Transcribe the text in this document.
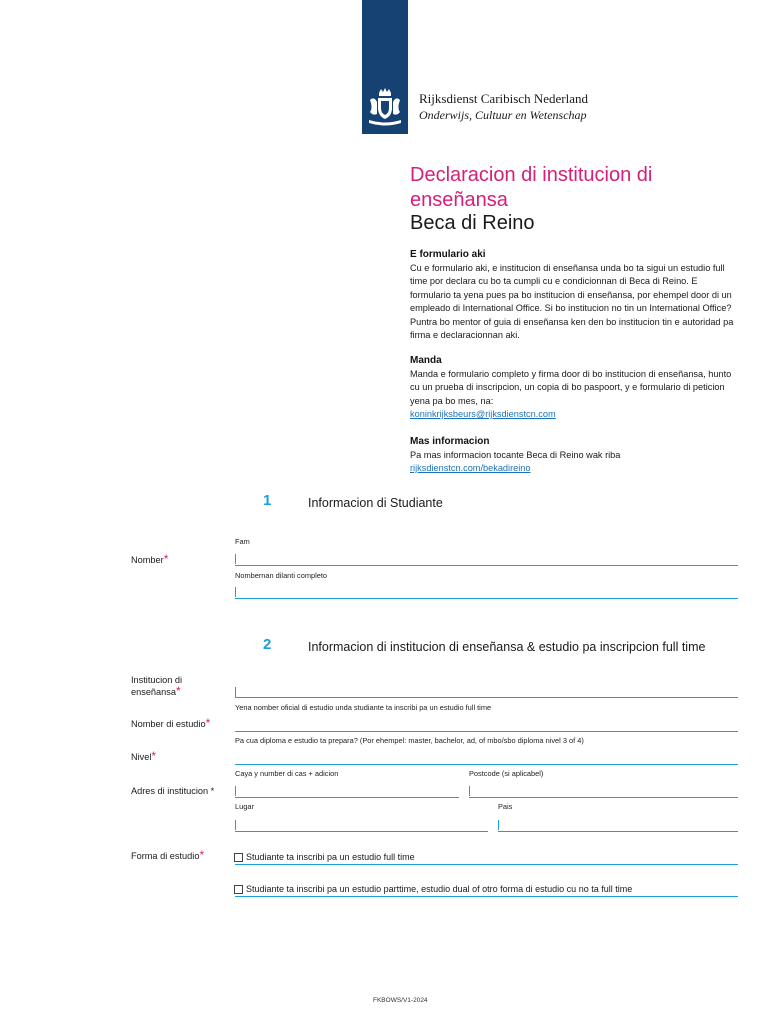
Rijksdienst Caribisch Nederland
Onderwijs, Cultuur en Wetenschap
Declaracion di institucion di enseñansa
Beca di Reino
E formulario aki
Cu e formulario aki, e institucion di enseñansa unda bo ta sigui un estudio full time por declara cu bo ta cumpli cu e condicionnan di Beca di Reino. E formulario ta yena pues pa bo institucion di enseñansa, por ehempel door di un empleado di International Office. Si bo institucion no tin un International Office? Puntra bo mentor of guia di enseñansa ken den bo institucion tin e autoridad pa firma e declaracionnan aki.
Manda
Manda e formulario completo y firma door di bo institucion di enseñansa, hunto cu un prueba di inscripcion, un copia di bo paspoort, y e formulario di peticion yena pa bo mes, na:
koninkrijksbeurs@rijksdienstcn.com
Mas informacion
Pa mas informacion tocante Beca di Reino wak riba
rijksdienstcn.com/bekadireino
1	Informacion di Studiante
Fam
Nomber*
Nombernan dilanti completo
2	Informacion di institucion di enseñansa & estudio pa inscripcion full time
Institucion di
enseñansa*
Yena nomber oficial di estudio unda studiante ta inscribi pa un estudio full time
Nomber di estudio*
Pa cua diploma e estudio ta prepara? (Por ehempel: master, bachelor, ad, of mbo/sbo diploma nivel 3 of 4)
Nivel*
Caya y number di cas + adicion	Postcode (si aplicabel)
Adres di institucion *
Lugar	Pais
Forma di estudio*	Studiante ta inscribi pa un estudio full time
Studiante ta inscribi pa un estudio parttime, estudio dual of otro forma di estudio cu no ta full time
FKBOWS/V1-2024
